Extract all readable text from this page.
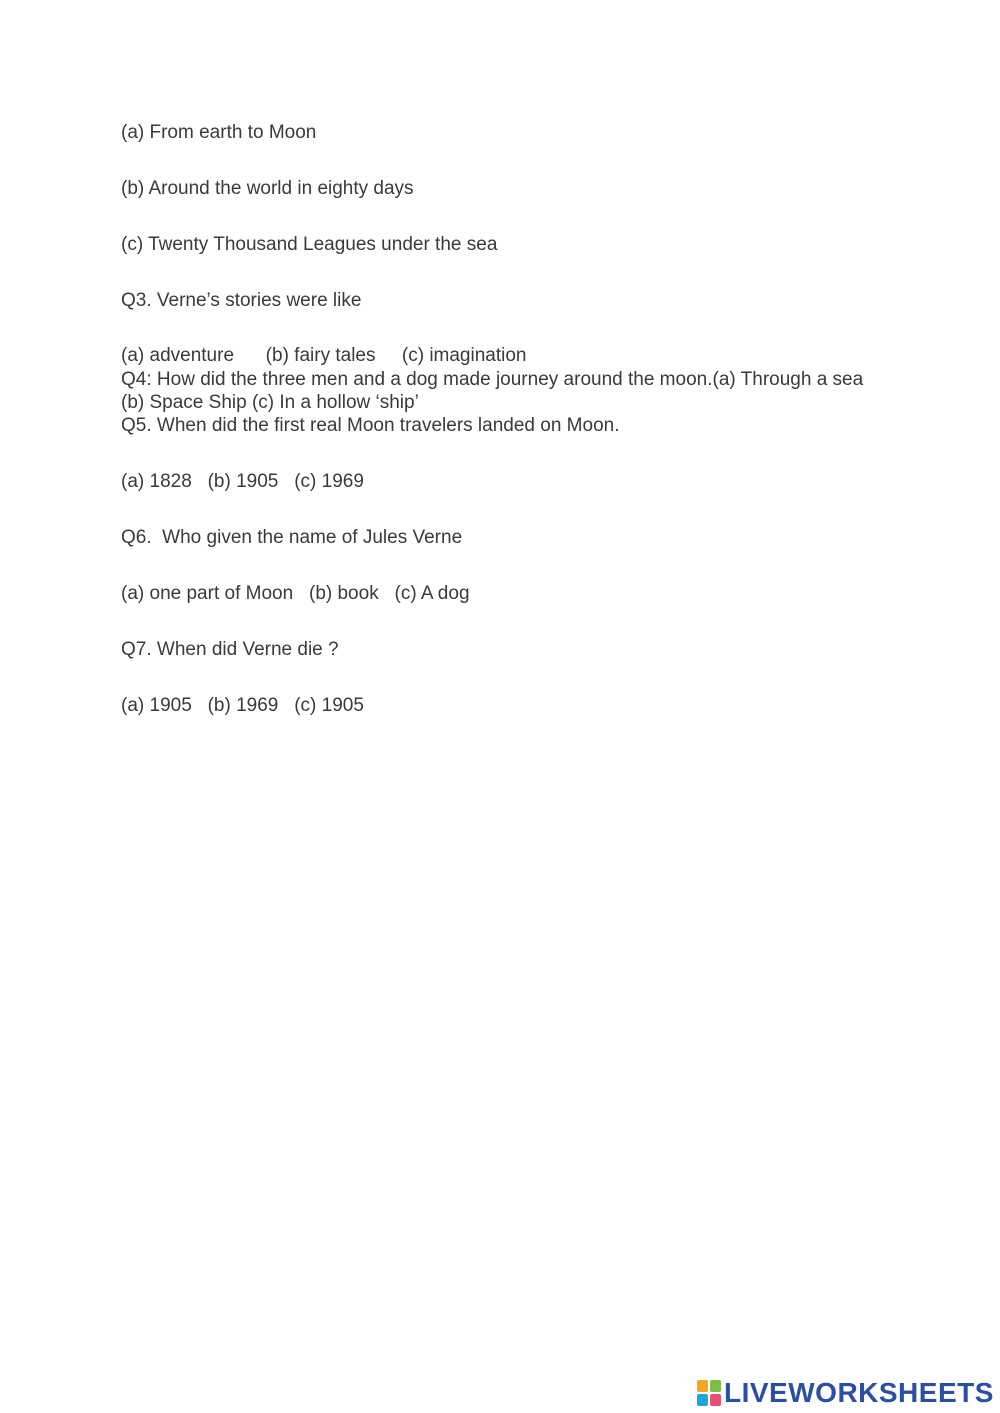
(a) From earth to Moon
(b) Around the world in eighty days
(c) Twenty Thousand Leagues under the sea
Q3. Verne’s stories were like
(a) adventure      (b) fairy tales     (c) imagination
Q4: How did the three men and a dog made journey around the moon.(a) Through a sea (b) Space Ship (c) In a hollow ‘ship’
Q5. When did the first real Moon travelers landed on Moon.
(a) 1828   (b) 1905   (c) 1969
Q6.  Who given the name of Jules Verne
(a) one part of Moon   (b) book   (c) A dog
Q7. When did Verne die ?
(a) 1905   (b) 1969   (c) 1905
LIVEWORKSHEETS
